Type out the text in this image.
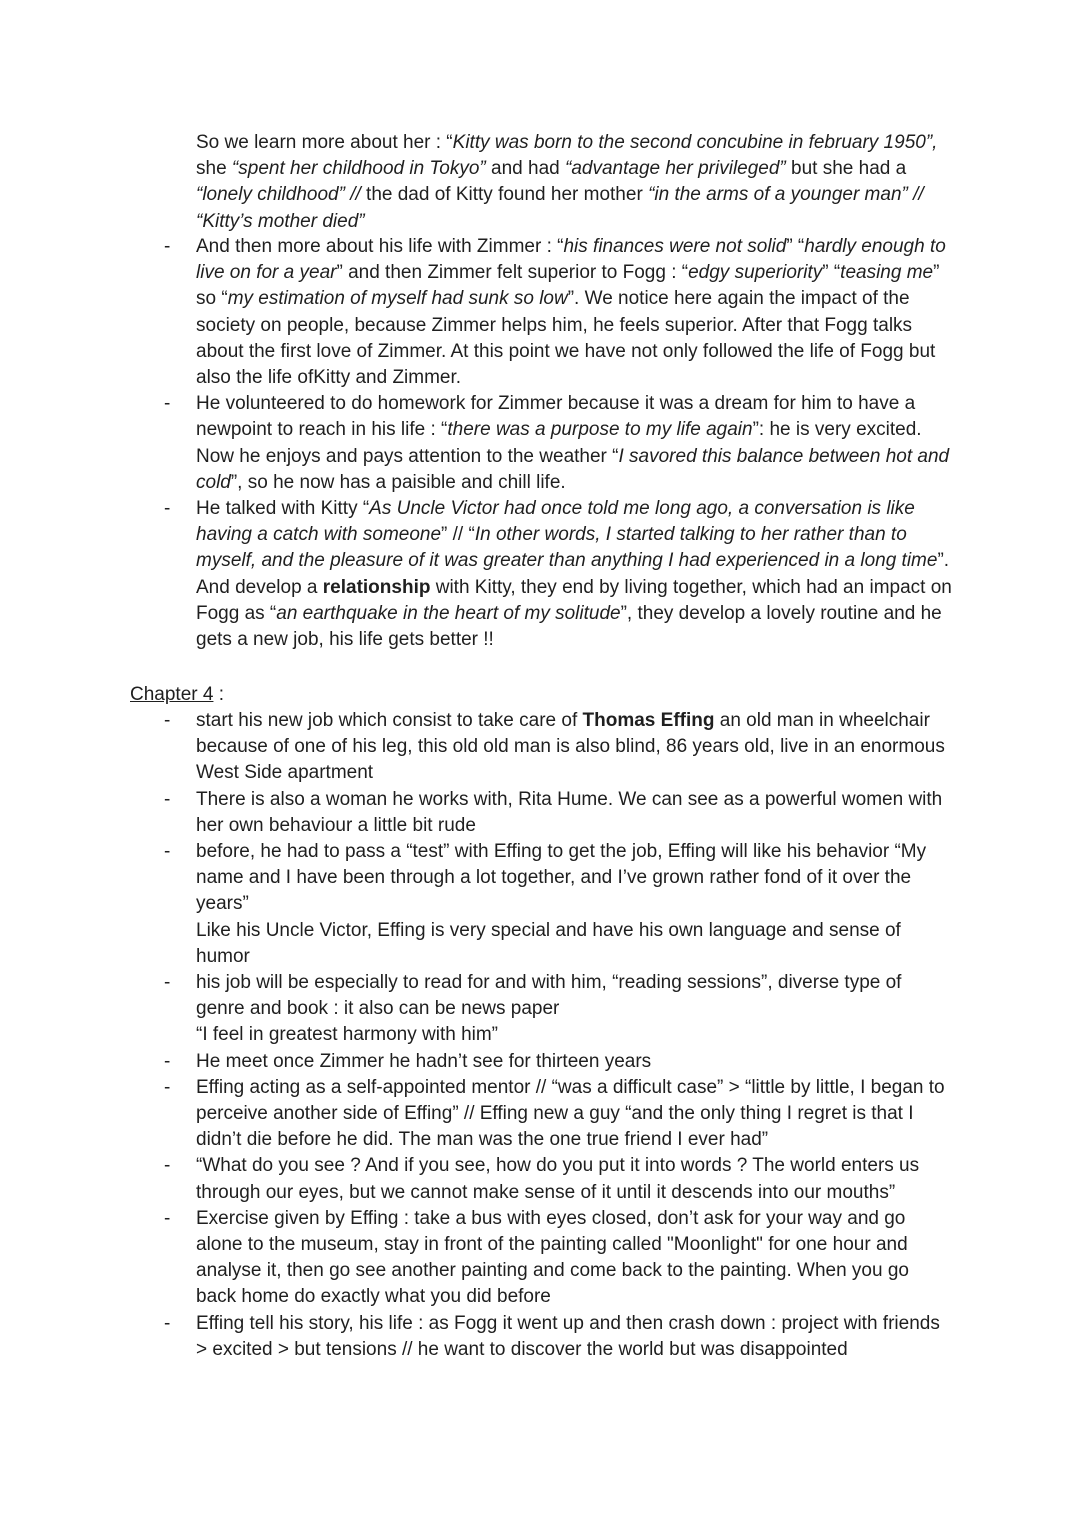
So we learn more about her : “Kitty was born to the second concubine in february 1950”, she “spent her childhood in Tokyo” and had “advantage her privileged” but she had a “lonely childhood” // the dad of Kitty found her mother “in the arms of a younger man” // “Kitty’s mother died”

- And then more about his life with Zimmer : “his finances were not solid” “hardly enough to live on for a year” and then Zimmer felt superior to Fogg : “edgy superiority” “teasing me” so “my estimation of myself had sunk so low”. We notice here again the impact of the society on people, because Zimmer helps him, he feels superior. After that Fogg talks about the first love of Zimmer. At this point we have not only followed the life of Fogg but also the life ofKitty and Zimmer.

- He volunteered to do homework for Zimmer because it was a dream for him to have a newpoint to reach in his life : “there was a purpose to my life again”: he is very excited. Now he enjoys and pays attention to the weather “I savored this balance between hot and cold”, so he now has a paisible and chill life.

- He talked with Kitty “As Uncle Victor had once told me long ago, a conversation is like having a catch with someone” // “In other words, I started talking to her rather than to myself, and the pleasure of it was greater than anything I had experienced in a long time”. And develop a relationship with Kitty, they end by living together, which had an impact on Fogg as “an earthquake in the heart of my solitude”, they develop a lovely routine and he gets a new job, his life gets better !!

Chapter 4 :

- start his new job which consist to take care of Thomas Effing an old man in wheelchair because of one of his leg, this old old man is also blind, 86 years old, live in an enormous West Side apartment

- There is also a woman he works with, Rita Hume. We can see as a powerful women with her own behaviour a little bit rude

- before, he had to pass a “test” with Effing to get the job, Effing will like his behavior “My name and I have been through a lot together, and I’ve grown rather fond of it over the years”

Like his Uncle Victor, Effing is very special and have his own language and sense of humor

- his job will be especially to read for and with him, “reading sessions”, diverse type of genre and book : it also can be news paper

“I feel in greatest harmony with him”

- He meet once Zimmer he hadn’t see for thirteen years

- Effing acting as a self-appointed mentor // “was a difficult case” > “little by little, I began to perceive another side of Effing” // Effing new a guy “and the only thing I regret is that I didn’t die before he did. The man was the one true friend I ever had”

- “What do you see ? And if you see, how do you put it into words ? The world enters us through our eyes, but we cannot make sense of it until it descends into our mouths”

- Exercise given by Effing : take a bus with eyes closed, don’t ask for your way and go alone to the museum, stay in front of the painting called "Moonlight" for one hour and analyse it, then go see another painting and come back to the painting. When you go back home do exactly what you did before

- Effing tell his story, his life : as Fogg it went up and then crash down : project with friends > excited > but tensions // he want to discover the world but was disappointed
